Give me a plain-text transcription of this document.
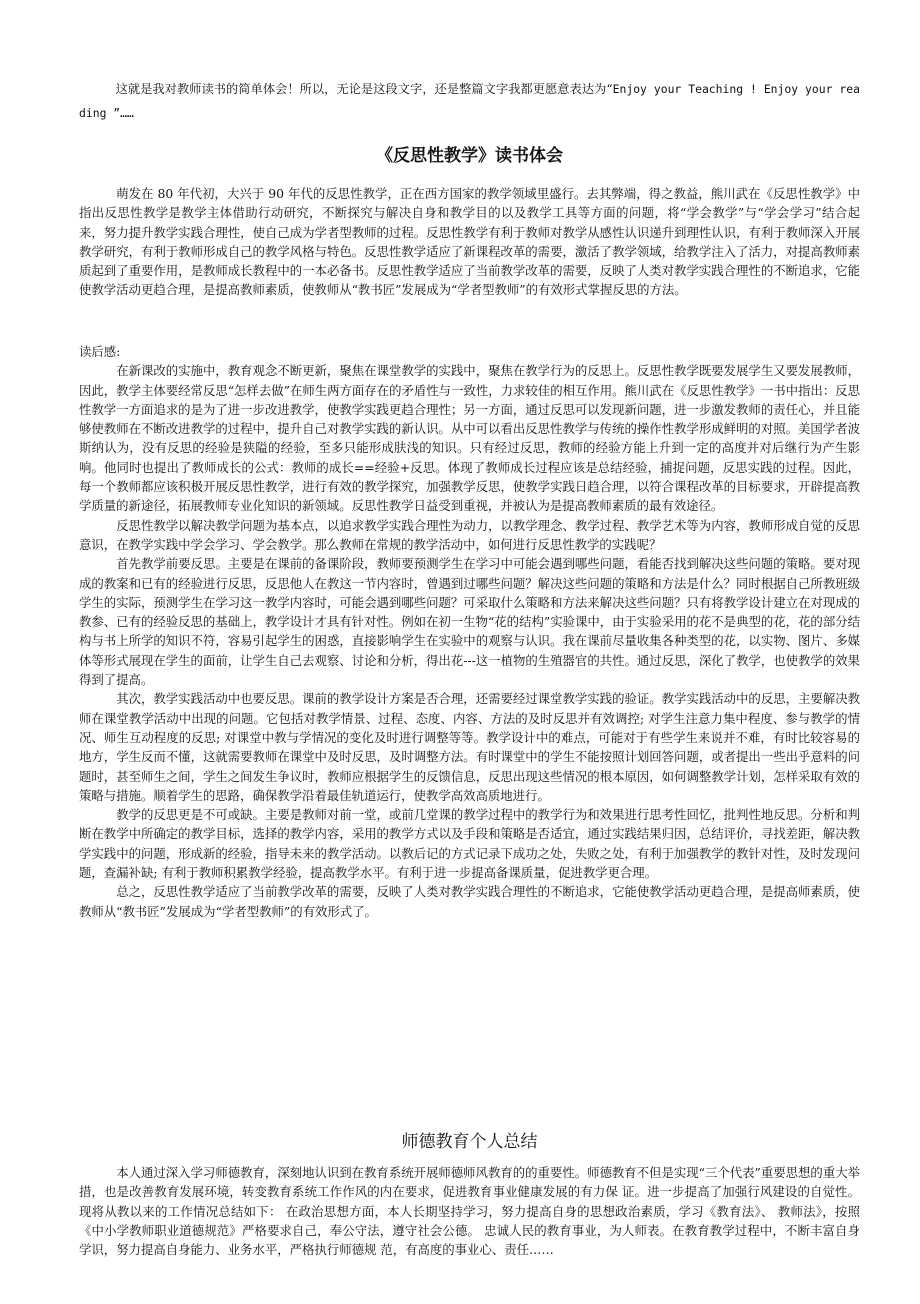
这就是我对教师读书的简单体会！所以，无论是这段文字，还是整篇文字我都更愿意表达为“Enjoy your Teaching ! Enjoy your reading ”……

《反思性教学》读书体会

萌发在 80 年代初，大兴于 90 年代的反思性教学，正在西方国家的教学领域里盛行。去其弊端，得之教益，熊川武在《反思性教学》中指出反思性教学是教学主体借助行动研究，不断探究与解决自身和教学目的以及教学工具等方面的问题，将“学会教学”与“学会学习”结合起来，努力提升教学实践合理性，使自己成为学者型教师的过程。反思性教学有利于教师对教学从感性认识递升到理性认识，有利于教师深入开展教学研究，有利于教师形成自己的教学风格与特色。反思性教学适应了新课程改革的需要，激活了教学领域，给教学注入了活力，对提高教师素质起到了重要作用，是教师成长教程中的一本必备书。反思性教学适应了当前教学改革的需要，反映了人类对教学实践合理性的不断追求，它能使教学活动更趋合理，是提高教师素质，使教师从“教书匠”发展成为“学者型教师”的有效形式掌握反思的方法。

读后感:

在新课改的实施中，教育观念不断更新，聚焦在课堂教学的实践中，聚焦在教学行为的反思上。反思性教学既要发展学生又要发展教师，因此，教学主体要经常反思“怎样去做”在师生两方面存在的矛盾性与一致性，力求较佳的相互作用。熊川武在《反思性教学》一书中指出：反思性教学一方面追求的是为了进一步改进教学，使教学实践更趋合理性；另一方面，通过反思可以发现新问题，进一步激发教师的责任心，并且能够使教师在不断改进教学的过程中，提升自己对教学实践的新认识。从中可以看出反思性教学与传统的操作性教学形成鲜明的对照。美国学者波斯纳认为，没有反思的经验是狭隘的经验，至多只能形成肤浅的知识。只有经过反思，教师的经验方能上升到一定的高度并对后继行为产生影响。他同时也提出了教师成长的公式：教师的成长==经验+反思。体现了教师成长过程应该是总结经验，捕捉问题，反思实践的过程。因此，每一个教师都应该积极开展反思性教学，进行有效的教学探究，加强教学反思，使教学实践日趋合理，以符合课程改革的目标要求，开辟提高教学质量的新途径，拓展教师专业化知识的新领域。反思性教学日益受到重视，并被认为是提高教师素质的最有效途径。

反思性教学以解决教学问题为基本点，以追求教学实践合理性为动力，以教学理念、教学过程、教学艺术等为内容，教师形成自觉的反思意识，在教学实践中学会学习、学会教学。那么教师在常规的教学活动中，如何进行反思性教学的实践呢？

首先教学前要反思。主要是在课前的备课阶段，教师要预测学生在学习中可能会遇到哪些问题，看能否找到解决这些问题的策略。要对现成的教案和已有的经验进行反思，反思他人在教这一节内容时，曾遇到过哪些问题？解决这些问题的策略和方法是什么？同时根据自己所教班级学生的实际，预测学生在学习这一教学内容时，可能会遇到哪些问题？可采取什么策略和方法来解决这些问题？只有将教学设计建立在对现成的教参、已有的经验反思的基础上，教学设计才具有针对性。例如在初一生物“花的结构”实验课中，由于实验采用的花不是典型的花，花的部分结构与书上所学的知识不符，容易引起学生的困惑，直接影响学生在实验中的观察与认识。我在课前尽量收集各种类型的花，以实物、图片、多媒体等形式展现在学生的面前，让学生自己去观察、讨论和分析，得出花---这一植物的生殖器官的共性。通过反思，深化了教学，也使教学的效果得到了提高。

其次，教学实践活动中也要反思。课前的教学设计方案是否合理，还需要经过课堂教学实践的验证。教学实践活动中的反思，主要解决教师在课堂教学活动中出现的问题。它包括对教学情景、过程、态度、内容、方法的及时反思并有效调控; 对学生注意力集中程度、参与教学的情况、师生互动程度的反思; 对课堂中教与学情况的变化及时进行调整等等。教学设计中的难点，可能对于有些学生来说并不难，有时比较容易的地方，学生反而不懂，这就需要教师在课堂中及时反思，及时调整方法。有时课堂中的学生不能按照计划回答问题，或者提出一些出乎意料的问题时，甚至师生之间，学生之间发生争议时，教师应根据学生的反馈信息，反思出现这些情况的根本原因，如何调整教学计划，怎样采取有效的策略与措施。顺着学生的思路，确保教学沿着最佳轨道运行，使教学高效高质地进行。

教学的反思更是不可或缺。主要是教师对前一堂，或前几堂课的教学过程中的教学行为和效果进行思考性回忆，批判性地反思。分析和判断在教学中所确定的教学目标，选择的教学内容，采用的教学方式以及手段和策略是否适宜，通过实践结果归因，总结评价，寻找差距，解决教学实践中的问题，形成新的经验，指导未来的教学活动。以教后记的方式记录下成功之处，失败之处，有利于加强教学的教针对性，及时发现问题，查漏补缺; 有利于教师积累教学经验，提高教学水平。有利于进一步提高备课质量，促进教学更合理。

总之，反思性教学适应了当前教学改革的需要，反映了人类对教学实践合理性的不断追求，它能使教学活动更趋合理，是提高师素质，使教师从“教书匠”发展成为“学者型教师”的有效形式了。

师德教育个人总结

本人通过深入学习师德教育，深刻地认识到在教育系统开展师德师风教育的的重要性。师德教育不但是实现“三个代表”重要思想的重大举措，也是改善教育发展环境，转变教育系统工作作风的内在要求，促进教育事业健康发展的有力保 证。进一步提高了加强行风建设的自觉性。 现将从教以来的工作情况总结如下： 在政治思想方面，本人长期坚持学习，努力提高自身的思想政治素质，学习《教育法》、 教师法》，按照《中小学教师职业道德规范》严格要求自己，奉公守法，遵守社会公德。 忠诚人民的教育事业，为人师表。在教育教学过程中，不断丰富自身学识，努力提高自身能力、业务水平，严格执行师德规 范，有高度的事业心、责任……
